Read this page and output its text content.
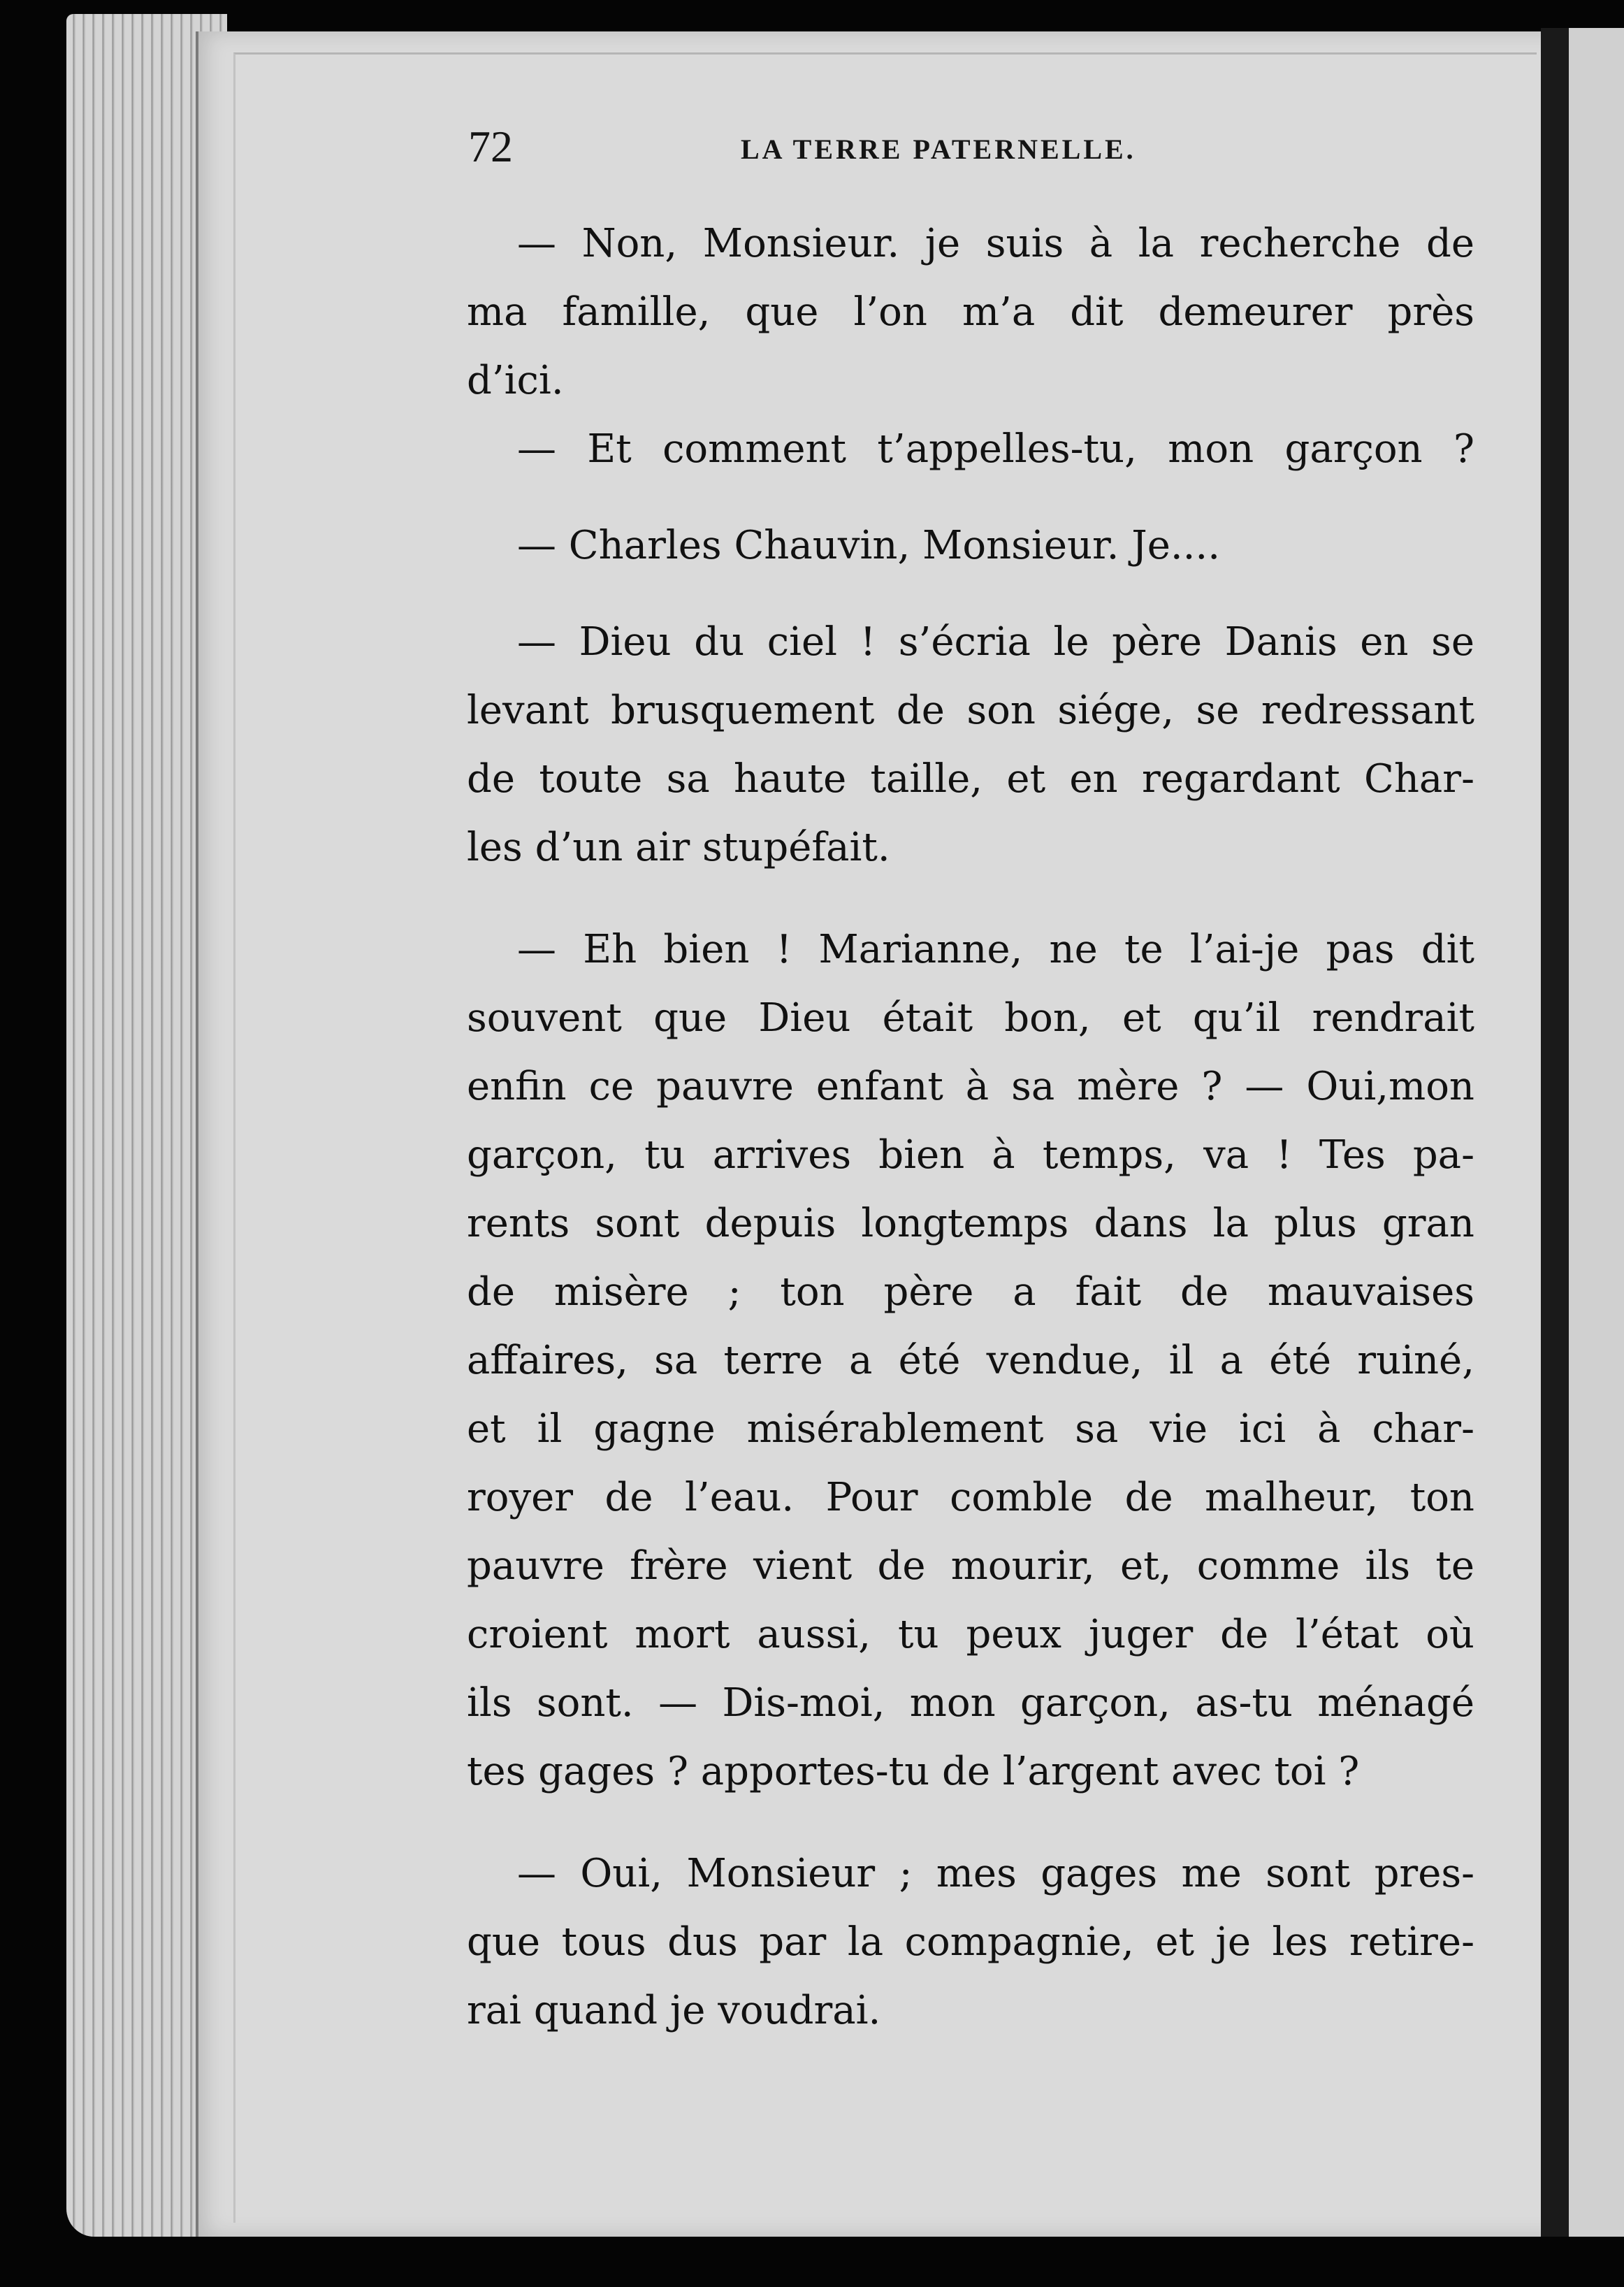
72	LA TERRE PATERNELLE.
— Non, Monsieur. je suis à la recherche de
ma famille, que l’on m’a dit demeurer près
d’ici.
— Et comment t’appelles-tu, mon garçon ?
— Charles Chauvin, Monsieur. Je....
— Dieu du ciel ! s’écria le père Danis en se
levant brusquement de son siége, se redressant
de toute sa haute taille, et en regardant Char-
les d’un air stupéfait.
— Eh bien ! Marianne, ne te l’ai-je pas dit
souvent que Dieu était bon, et qu’il rendrait
enfin ce pauvre enfant à sa mère ? — Oui,mon
garçon, tu arrives bien à temps, va ! Tes pa-
rents sont depuis longtemps dans la plus gran
de misère ; ton père a fait de mauvaises
affaires, sa terre a été vendue, il a été ruiné,
et il gagne misérablement sa vie ici à char-
royer de l’eau. Pour comble de malheur, ton
pauvre frère vient de mourir, et, comme ils te
croient mort aussi, tu peux juger de l’état où
ils sont. — Dis-moi, mon garçon, as-tu ménagé
tes gages ? apportes-tu de l’argent avec toi ?
— Oui, Monsieur ; mes gages me sont pres-
que tous dus par la compagnie, et je les retire-
rai quand je voudrai.
